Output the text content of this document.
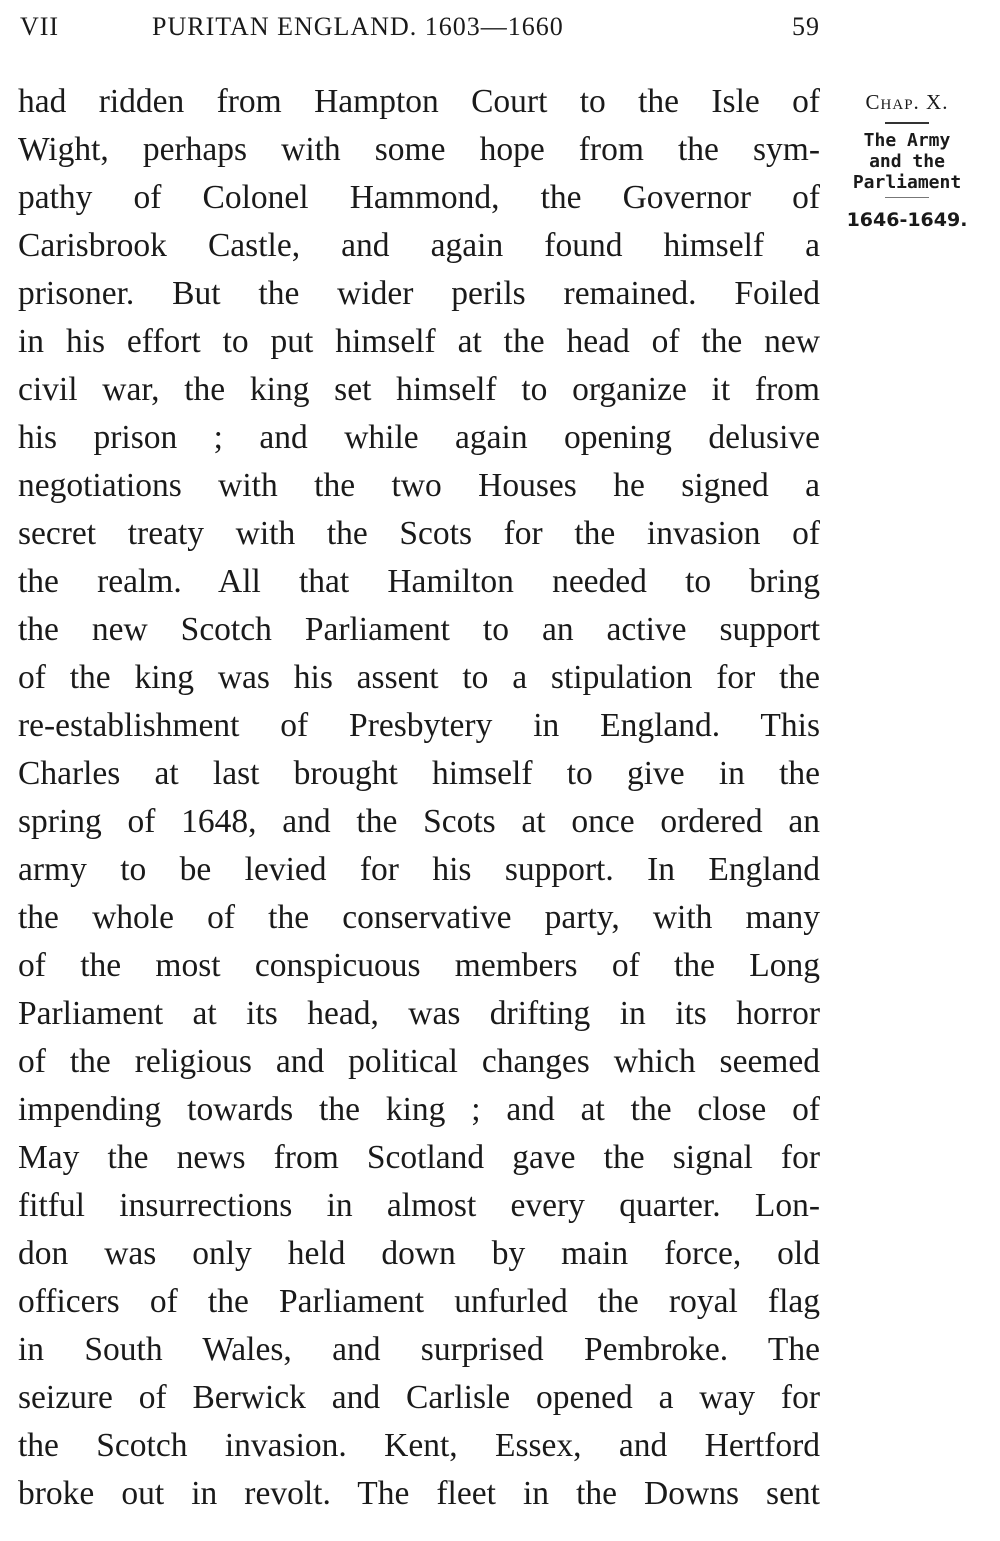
VII	PURITAN ENGLAND. 1603—1660	59
had ridden from Hampton Court to the Isle of
Wight, perhaps with some hope from the sym-
pathy of Colonel Hammond, the Governor of
Carisbrook Castle, and again found himself a
prisoner. But the wider perils remained. Foiled
in his effort to put himself at the head of the new
civil war, the king set himself to organize it from
his prison ; and while again opening delusive
negotiations with the two Houses he signed a
secret treaty with the Scots for the invasion of
the realm. All that Hamilton needed to bring
the new Scotch Parliament to an active support
of the king was his assent to a stipulation for the
re-establishment of Presbytery in England. This
Charles at last brought himself to give in the
spring of 1648, and the Scots at once ordered an
army to be levied for his support. In England
the whole of the conservative party, with many
of the most conspicuous members of the Long
Parliament at its head, was drifting in its horror
of the religious and political changes which seemed
impending towards the king ; and at the close of
May the news from Scotland gave the signal for
fitful insurrections in almost every quarter. Lon-
don was only held down by main force, old
officers of the Parliament unfurled the royal flag
in South Wales, and surprised Pembroke. The
seizure of Berwick and Carlisle opened a way for
the Scotch invasion. Kent, Essex, and Hertford
broke out in revolt. The fleet in the Downs sent
Chap. X.
The Army
and the
Parliament
1646-1649.
